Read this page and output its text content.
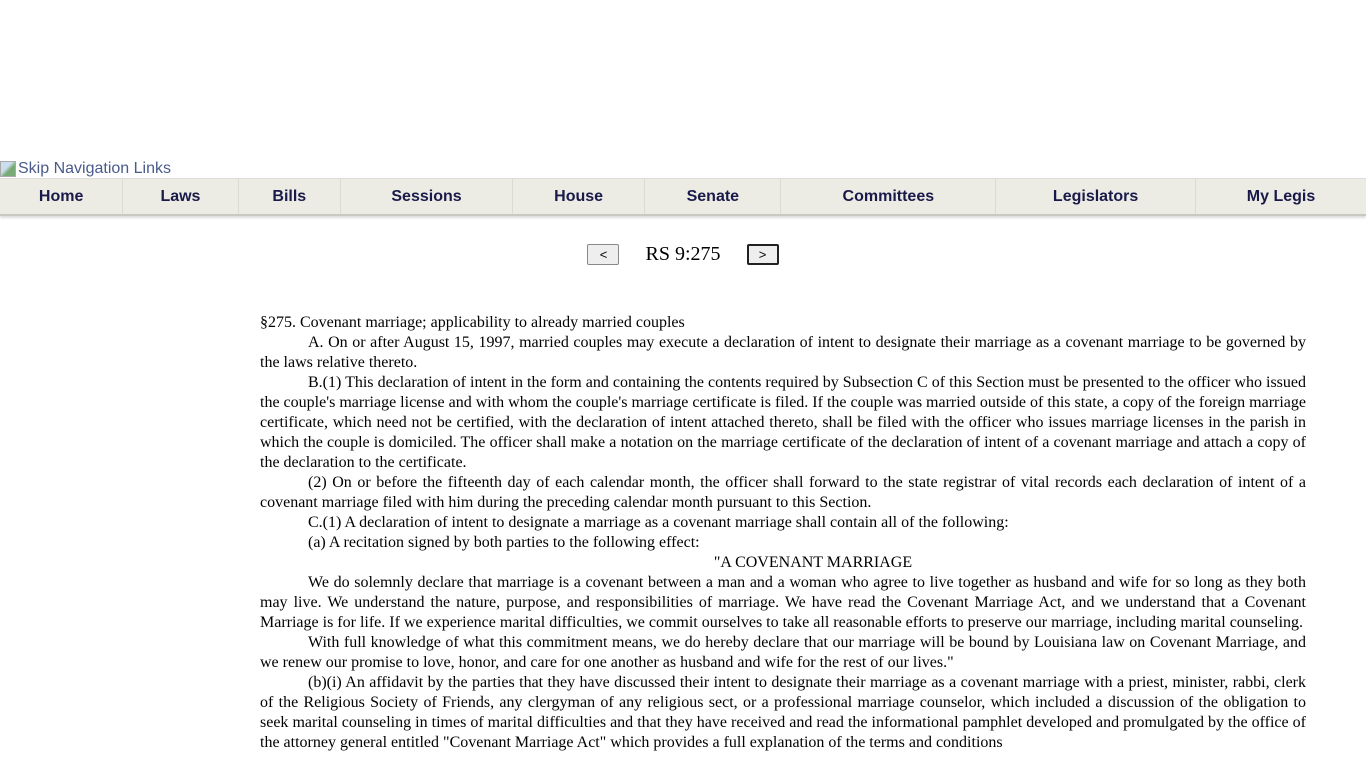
Skip Navigation Links
Home	Laws	Bills	Sessions	House	Senate	Committees	Legislators	My Legis
<	RS 9:275	>

§275. Covenant marriage; applicability to already married couples

A. On or after August 15, 1997, married couples may execute a declaration of intent to designate their marriage as a covenant marriage to be governed by the laws relative thereto.

B.(1) This declaration of intent in the form and containing the contents required by Subsection C of this Section must be presented to the officer who issued the couple's marriage license and with whom the couple's marriage certificate is filed. If the couple was married outside of this state, a copy of the foreign marriage certificate, which need not be certified, with the declaration of intent attached thereto, shall be filed with the officer who issues marriage licenses in the parish in which the couple is domiciled. The officer shall make a notation on the marriage certificate of the declaration of intent of a covenant marriage and attach a copy of the declaration to the certificate.

(2) On or before the fifteenth day of each calendar month, the officer shall forward to the state registrar of vital records each declaration of intent of a covenant marriage filed with him during the preceding calendar month pursuant to this Section.

C.(1) A declaration of intent to designate a marriage as a covenant marriage shall contain all of the following:

(a) A recitation signed by both parties to the following effect:

"A COVENANT MARRIAGE

We do solemnly declare that marriage is a covenant between a man and a woman who agree to live together as husband and wife for so long as they both may live. We understand the nature, purpose, and responsibilities of marriage. We have read the Covenant Marriage Act, and we understand that a Covenant Marriage is for life. If we experience marital difficulties, we commit ourselves to take all reasonable efforts to preserve our marriage, including marital counseling.

With full knowledge of what this commitment means, we do hereby declare that our marriage will be bound by Louisiana law on Covenant Marriage, and we renew our promise to love, honor, and care for one another as husband and wife for the rest of our lives."

(b)(i) An affidavit by the parties that they have discussed their intent to designate their marriage as a covenant marriage with a priest, minister, rabbi, clerk of the Religious Society of Friends, any clergyman of any religious sect, or a professional marriage counselor, which included a discussion of the obligation to seek marital counseling in times of marital difficulties and that they have received and read the informational pamphlet developed and promulgated by the office of the attorney general entitled "Covenant Marriage Act" which provides a full explanation of the terms and conditions
